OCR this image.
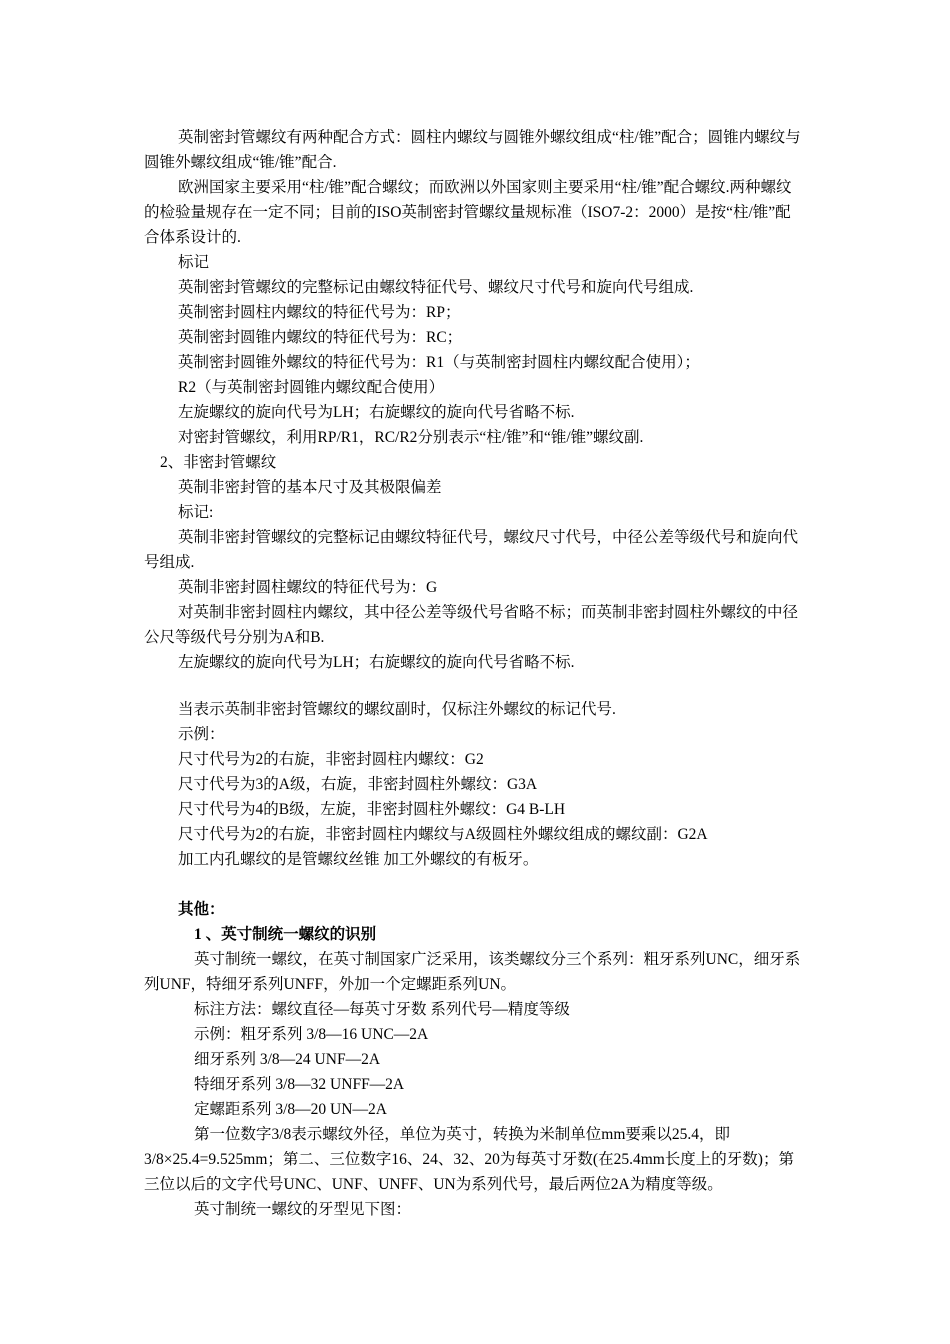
英制密封管螺纹有两种配合方式：圆柱内螺纹与圆锥外螺纹组成“柱/锥”配合；圆锥内螺纹与圆锥外螺纹组成“锥/锥”配合.

欧洲国家主要采用“柱/锥”配合螺纹；而欧洲以外国家则主要采用“柱/锥”配合螺纹.两种螺纹的检验量规存在一定不同；目前的ISO英制密封管螺纹量规标准（ISO7-2：2000）是按“柱/锥”配合体系设计的.

标记

英制密封管螺纹的完整标记由螺纹特征代号、螺纹尺寸代号和旋向代号组成.

英制密封圆柱内螺纹的特征代号为：RP；

英制密封圆锥内螺纹的特征代号为：RC；

英制密封圆锥外螺纹的特征代号为：R1（与英制密封圆柱内螺纹配合使用）；

R2（与英制密封圆锥内螺纹配合使用）

左旋螺纹的旋向代号为LH；右旋螺纹的旋向代号省略不标.

对密封管螺纹，利用RP/R1，RC/R2分别表示“柱/锥”和“锥/锥”螺纹副.

2、非密封管螺纹

英制非密封管的基本尺寸及其极限偏差

标记:

英制非密封管螺纹的完整标记由螺纹特征代号，螺纹尺寸代号，中径公差等级代号和旋向代号组成.

英制非密封圆柱螺纹的特征代号为：G

对英制非密封圆柱内螺纹，其中径公差等级代号省略不标；而英制非密封圆柱外螺纹的中径公尺等级代号分别为A和B.

左旋螺纹的旋向代号为LH；右旋螺纹的旋向代号省略不标.

当表示英制非密封管螺纹的螺纹副时，仅标注外螺纹的标记代号.

示例：

尺寸代号为2的右旋，非密封圆柱内螺纹：G2

尺寸代号为3的A级，右旋，非密封圆柱外螺纹：G3A

尺寸代号为4的B级，左旋，非密封圆柱外螺纹：G4 B-LH

尺寸代号为2的右旋，非密封圆柱内螺纹与A级圆柱外螺纹组成的螺纹副：G2A

加工内孔螺纹的是管螺纹丝锥 加工外螺纹的有板牙。

其他：

1 、英寸制统一螺纹的识别

英寸制统一螺纹，在英寸制国家广泛采用，该类螺纹分三个系列：粗牙系列UNC，细牙系列UNF，特细牙系列UNFF，外加一个定螺距系列UN。

标注方法：螺纹直径—每英寸牙数 系列代号—精度等级

示例：粗牙系列 3/8—16 UNC—2A

细牙系列 3/8—24 UNF—2A

特细牙系列 3/8—32 UNFF—2A

定螺距系列 3/8—20 UN—2A

第一位数字3/8表示螺纹外径，单位为英寸，转换为米制单位mm要乘以25.4，即3/8×25.4=9.525mm；第二、三位数字16、24、32、20为每英寸牙数(在25.4mm长度上的牙数)；第三位以后的文字代号UNC、UNF、UNFF、UN为系列代号，最后两位2A为精度等级。

英寸制统一螺纹的牙型见下图：
